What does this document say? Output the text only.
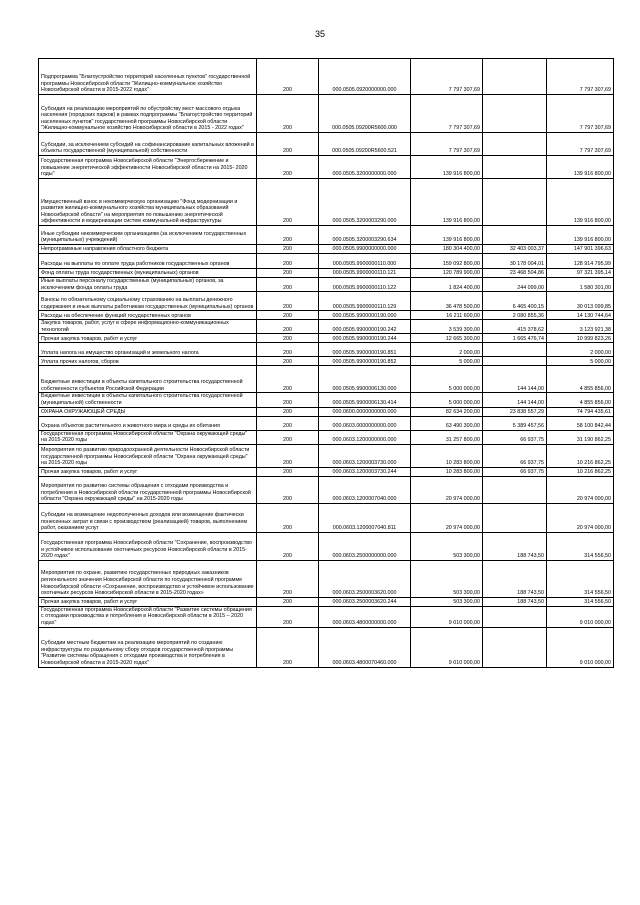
35
Подпрограмма "Благоустройство территорий населенных пунктов" государственной программы Новосибирской области "Жилищно-коммунальное хозяйство Новосибирской области в 2015-2022 годах"	200	000.0505.0920000000.000	7 797 307,69		7 797 307,69
Субсидия на реализацию мероприятий по обустройству мест массового отдыха населения (городских парков) в рамках подпрограммы "Благоустройство территорий населенных пунктов" государственной программы Новосибирской области "Жилищно-коммунальное хозяйство Новосибирской области в 2015 - 2022 годах"	200	000.0505.09200R5600.000	7 797 307,69		7 797 307,69
Субсидии, за исключением субсидий на софинансирование капитальных вложений в объекты государственной (муниципальной) собственности	200	000.0505.09200R5600.521	7 797 307,69		7 797 307,69
Государственная программа Новосибирской области "Энергосбережение и повышение энергетической эффективности Новосибирской области на 2015- 2020 годы"	200	000.0505.3200000000.000	139 916 800,00		139 916 800,00
Имущественный взнос в некоммерческую организацию "Фонд модернизации и развития жилищно-коммунального хозяйства муниципальных образований Новосибирской области" на мероприятия по повышению энергетической эффективности и модернизации систем коммунальной инфраструктуры	200	000.0505.3200003290.000	139 916 800,00		139 916 800,00
Иные субсидии некоммерческим организациям (за исключением государственных (муниципальных) учреждений)	200	000.0505.3200003290.634	139 916 800,00		139 916 800,00
Непрограммные направления областного бюджета	200	000.0505.9900000000.000	180 304 400,00	32 403 003,37	147 901 396,63
Расходы на выплаты по оплате труда работников государственных органов	200	000.0505.9900000110.000	159 092 800,00	30 178 004,01	128 914 795,99
Фонд оплаты труда государственных (муниципальных) органов	200	000.0505.9900000110.121	120 789 900,00	23 468 504,86	97 321 395,14
Иные выплаты персоналу государственных (муниципальных) органов, за исключением фонда оплаты труда	200	000.0505.9900000110.122	1 824 400,00	244 099,00	1 580 301,00
Взносы по обязательному социальному страхованию на выплаты денежного содержания и иные выплаты работникам государственных (муниципальных) органов	200	000.0505.9900000110.129	36 478 500,00	6 465 400,15	30 013 099,85
Расходы на обеспечение функций государственных органов	200	000.0505.9900000190.000	16 211 600,00	2 080 855,36	14 130 744,64
Закупка товаров, работ, услуг в сфере информационно-коммуникационных технологий	200	000.0505.9900000190.242	3 539 300,00	415 378,62	3 123 921,38
Прочая закупка товаров, работ и услуг	200	000.0505.9900000190.244	12 665 300,00	1 665 476,74	10 999 823,26
Уплата налога на имущество организаций и земельного налога	200	000.0505.9900000190.851	2 000,00		2 000,00
Уплата прочих налогов, сборов	200	000.0505.9900000190.852	5 000,00		5 000,00
Бюджетные инвестиции в объекты капитального строительства государственной собственности субъектов Российской Федерации	200	000.0505.9900006130.000	5 000 000,00	144 144,00	4 855 856,00
Бюджетные инвестиции в объекты капитального строительства государственной (муниципальной) собственности	200	000.0505.9900006130.414	5 000 000,00	144 144,00	4 855 856,00
ОХРАНА ОКРУЖАЮЩЕЙ СРЕДЫ	200	000.0600.0000000000.000	82 634 200,00	23 838 557,29	74 794 435,61
Охрана объектов растительного и животного мира и среды их обитания	200	000.0603.0000000000.000	63 490 300,00	5 389 457,56	58 100 842,44
Государственная программа Новосибирской области "Охрана окружающей среды" на 2015-2020 годы	200	000.0603.1200000000.000	31 257 800,00	66 937,75	31 190 862,25
Мероприятия по развитию природоохранной деятельности Новосибирской области государственной программы Новосибирской области "Охрана окружающей среды" на 2015-2020 годы	200	000.0603.1200003730.000	10 283 800,00	66 937,75	10 216 862,25
Прочая закупка товаров, работ и услуг	200	000.0603.1200003730.244	10 283 800,00	66 937,75	10 216 862,25
Мероприятия по развитию системы обращения с отходами производства и потребления в Новосибирской области государственной программы Новосибирской области "Охрана окружающей среды" на 2015-2020 годы	200	000.0603.1200007040.000	20 974 000,00		20 974 000,00
Субсидии на возмещение недополученных доходов или возмещение фактически понесенных затрат в связи с производством (реализацией) товаров, выполнением работ, оказанием услуг	200	000.0603.1200007040.811	20 974 000,00		20 974 000,00
Государственная программа Новосибирской области "Сохранение, воспроизводство и устойчивое использование охотничьих ресурсов Новосибирской области в 2015-2020 годах"	200	000.0603.2500000000.000	503 300,00	188 743,50	314 556,50
Мероприятия по охране, развитию государственных природных заказников регионального значения Новосибирской области по государственной программе Новосибирской области «Сохранение, воспроизводство и устойчивое использование охотничьих ресурсов Новосибирской области в 2015-2020 годах»	200	000.0603.2500003620.000	503 300,00	188 743,50	314 556,50
Прочая закупка товаров, работ и услуг	200	000.0603.2500003620.244	503 300,00	188 743,50	314 556,50
Государственная программа Новосибирской области "Развитие системы обращения с отходами производства и потребления в Новосибирской области в 2015 – 2020 годах"	200	000.0603.4800000000.000	9 010 000,00		9 010 000,00
Субсидии местным бюджетам на реализацию мероприятий по созданию инфраструктуры по раздельному сбору отходов государственной программы "Развитие системы обращения с отходами производства и потребления в Новосибирской области в 2015-2020 годах"	200	000.0603.4800070460.000	9 010 000,00		9 010 000,00
